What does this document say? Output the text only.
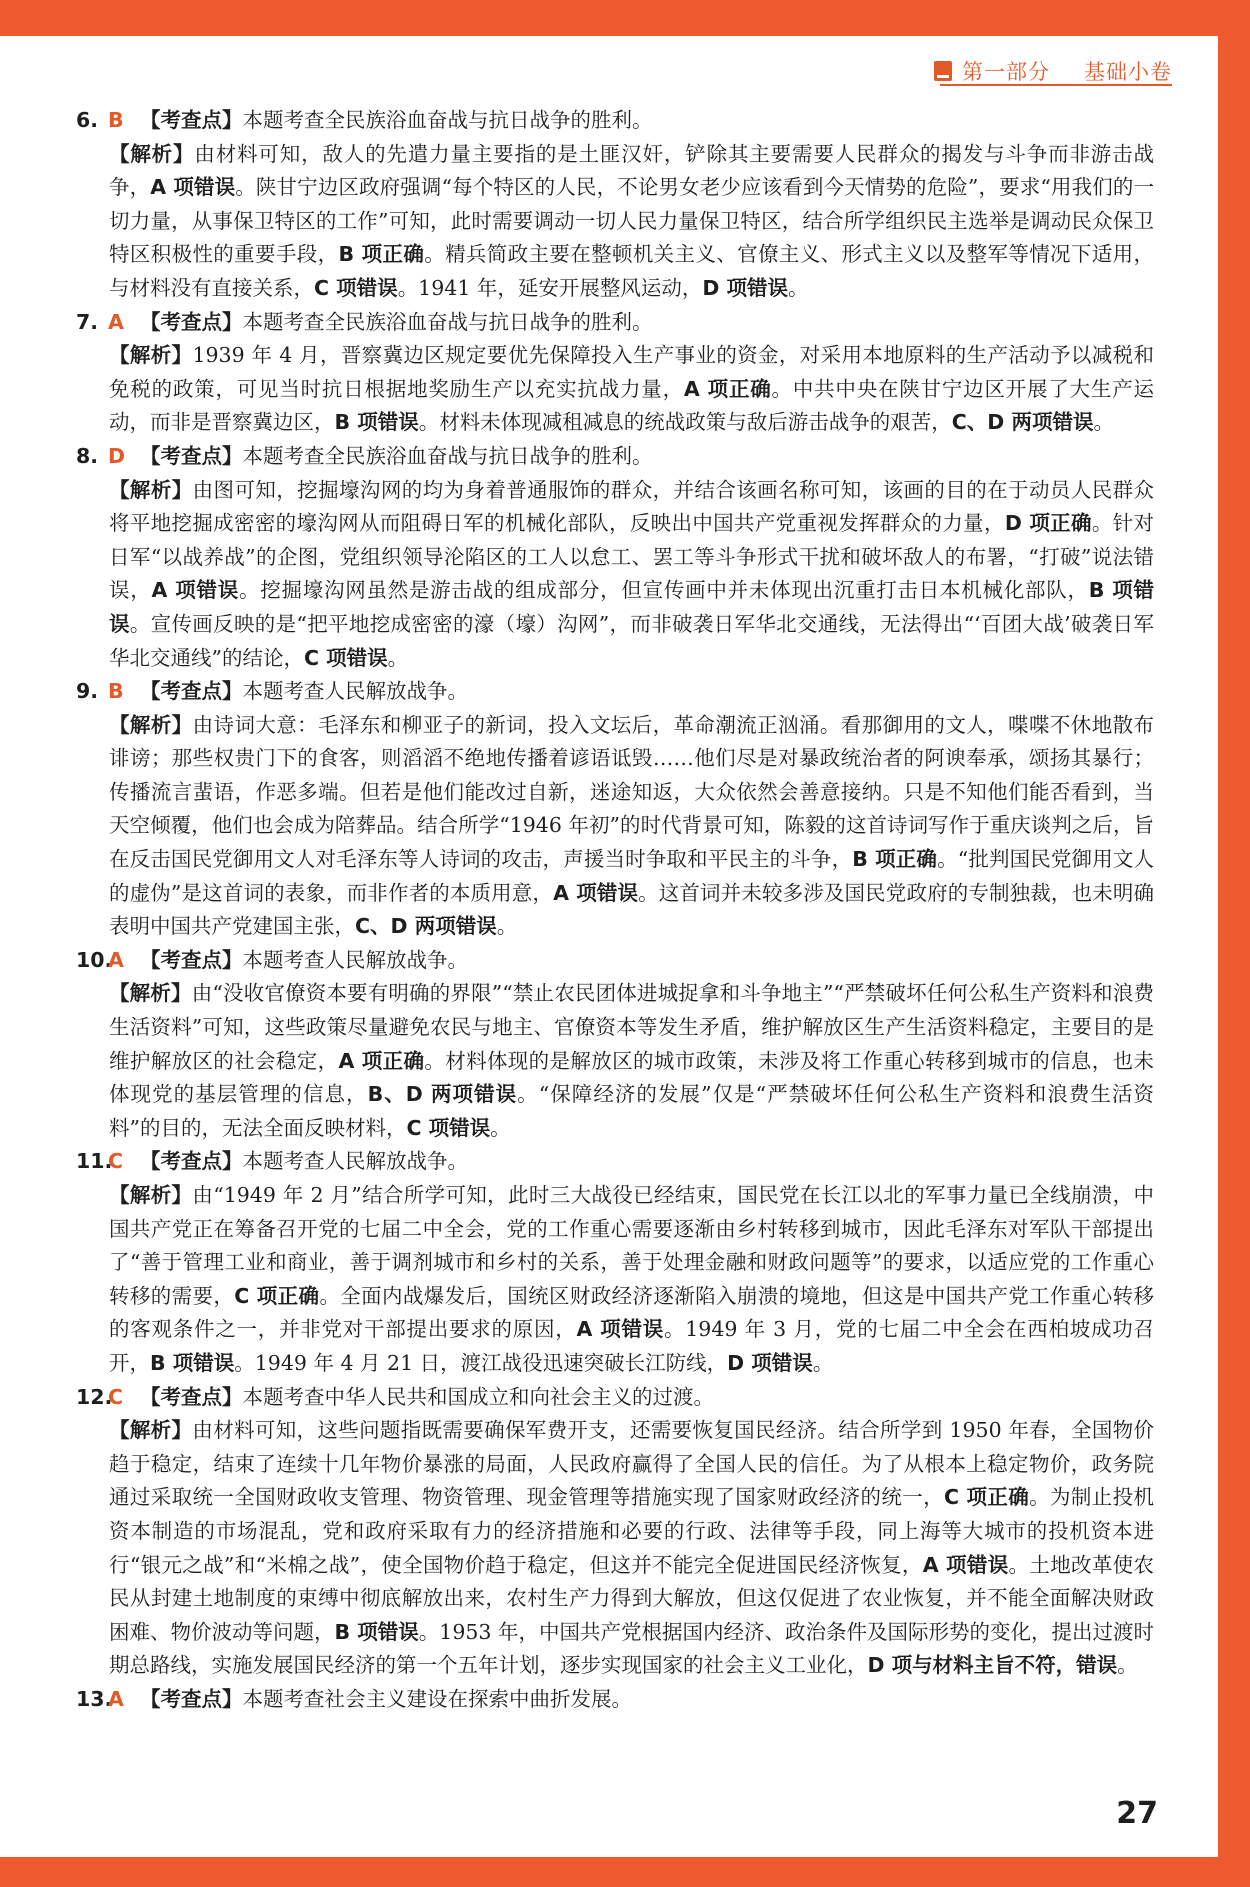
第一部分 基础小卷
6. B 【考查点】本题考查全民族浴血奋战与抗日战争的胜利。
【解析】由材料可知，敌人的先遣力量主要指的是土匪汉奸，铲除其主要需要人民群众的揭发与斗争而非游击战争，A 项错误。陕甘宁边区政府强调“每个特区的人民，不论男女老少应该看到今天情势的危险”，要求“用我们的一切力量，从事保卫特区的工作”可知，此时需要调动一切人民力量保卫特区，结合所学组织民主选举是调动民众保卫特区积极性的重要手段，B 项正确。精兵简政主要在整顿机关主义、官僚主义、形式主义以及整军等情况下适用，与材料没有直接关系，C 项错误。1941 年，延安开展整风运动，D 项错误。
7. A 【考查点】本题考查全民族浴血奋战与抗日战争的胜利。
【解析】1939 年 4 月，晋察冀边区规定要优先保障投入生产事业的资金，对采用本地原料的生产活动予以减税和免税的政策，可见当时抗日根据地奖励生产以充实抗战力量，A 项正确。中共中央在陕甘宁边区开展了大生产运动，而非是晋察冀边区，B 项错误。材料未体现减租减息的统战政策与敌后游击战争的艰苦，C、D 两项错误。
8. D 【考查点】本题考查全民族浴血奋战与抗日战争的胜利。
【解析】由图可知，挖掘壕沟网的均为身着普通服饰的群众，并结合该画名称可知，该画的目的在于动员人民群众将平地挖掘成密密的壕沟网从而阻碍日军的机械化部队，反映出中国共产党重视发挥群众的力量，D 项正确。针对日军“以战养战”的企图，党组织领导沦陷区的工人以怠工、罢工等斗争形式干扰和破坏敌人的布署，“打破”说法错误，A 项错误。挖掘壕沟网虽然是游击战的组成部分，但宣传画中并未体现出沉重打击日本机械化部队，B 项错误。宣传画反映的是“把平地挖成密密的濠（壕）沟网”，而非破袭日军华北交通线，无法得出“‘百团大战’破袭日军华北交通线”的结论，C 项错误。
9. B 【考查点】本题考查人民解放战争。
【解析】由诗词大意：毛泽东和柳亚子的新词，投入文坛后，革命潮流正汹涌。看那御用的文人，喋喋不休地散布诽谤；那些权贵门下的食客，则滔滔不绝地传播着谚语诋毁……他们尽是对暴政统治者的阿谀奉承，颂扬其暴行；传播流言蜚语，作恶多端。但若是他们能改过自新，迷途知返，大众依然会善意接纳。只是不知他们能否看到，当天空倾覆，他们也会成为陪葬品。结合所学“1946 年初”的时代背景可知，陈毅的这首诗词写作于重庆谈判之后，旨在反击国民党御用文人对毛泽东等人诗词的攻击，声援当时争取和平民主的斗争，B 项正确。“批判国民党御用文人的虚伪”是这首词的表象，而非作者的本质用意，A 项错误。这首词并未较多涉及国民党政府的专制独裁，也未明确表明中国共产党建国主张，C、D 两项错误。
10.
A 【考查点】本题考查人民解放战争。
【解析】由“没收官僚资本要有明确的界限”“禁止农民团体进城捉拿和斗争地主”“严禁破坏任何公私生产资料和浪费生活资料”可知，这些政策尽量避免农民与地主、官僚资本等发生矛盾，维护解放区生产生活资料稳定，主要目的是维护解放区的社会稳定，A 项正确。材料体现的是解放区的城市政策，未涉及将工作重心转移到城市的信息，也未体现党的基层管理的信息，B、D 两项错误。“保障经济的发展”仅是“严禁破坏任何公私生产资料和浪费生活资料”的目的，无法全面反映材料，C 项错误。
11.
C 【考查点】本题考查人民解放战争。
【解析】由“1949 年 2 月”结合所学可知，此时三大战役已经结束，国民党在长江以北的军事力量已全线崩溃，中国共产党正在筹备召开党的七届二中全会，党的工作重心需要逐渐由乡村转移到城市，因此毛泽东对军队干部提出了“善于管理工业和商业，善于调剂城市和乡村的关系，善于处理金融和财政问题等”的要求，以适应党的工作重心转移的需要，C 项正确。全面内战爆发后，国统区财政经济逐渐陷入崩溃的境地，但这是中国共产党工作重心转移的客观条件之一，并非党对干部提出要求的原因，A 项错误。1949 年 3 月，党的七届二中全会在西柏坡成功召开，B 项错误。1949 年 4 月 21 日，渡江战役迅速突破长江防线，D 项错误。
12.
C 【考查点】本题考查中华人民共和国成立和向社会主义的过渡。
【解析】由材料可知，这些问题指既需要确保军费开支，还需要恢复国民经济。结合所学到 1950 年春，全国物价趋于稳定，结束了连续十几年物价暴涨的局面，人民政府赢得了全国人民的信任。为了从根本上稳定物价，政务院通过采取统一全国财政收支管理、物资管理、现金管理等措施实现了国家财政经济的统一，C 项正确。为制止投机资本制造的市场混乱，党和政府采取有力的经济措施和必要的行政、法律等手段，同上海等大城市的投机资本进行“银元之战”和“米棉之战”，使全国物价趋于稳定，但这并不能完全促进国民经济恢复，A 项错误。土地改革使农民从封建土地制度的束缚中彻底解放出来，农村生产力得到大解放，但这仅促进了农业恢复，并不能全面解决财政困难、物价波动等问题，B 项错误。1953 年，中国共产党根据国内经济、政治条件及国际形势的变化，提出过渡时期总路线，实施发展国民经济的第一个五年计划，逐步实现国家的社会主义工业化，D 项与材料主旨不符，错误。
13.
A 【考查点】本题考查社会主义建设在探索中曲折发展。
27
